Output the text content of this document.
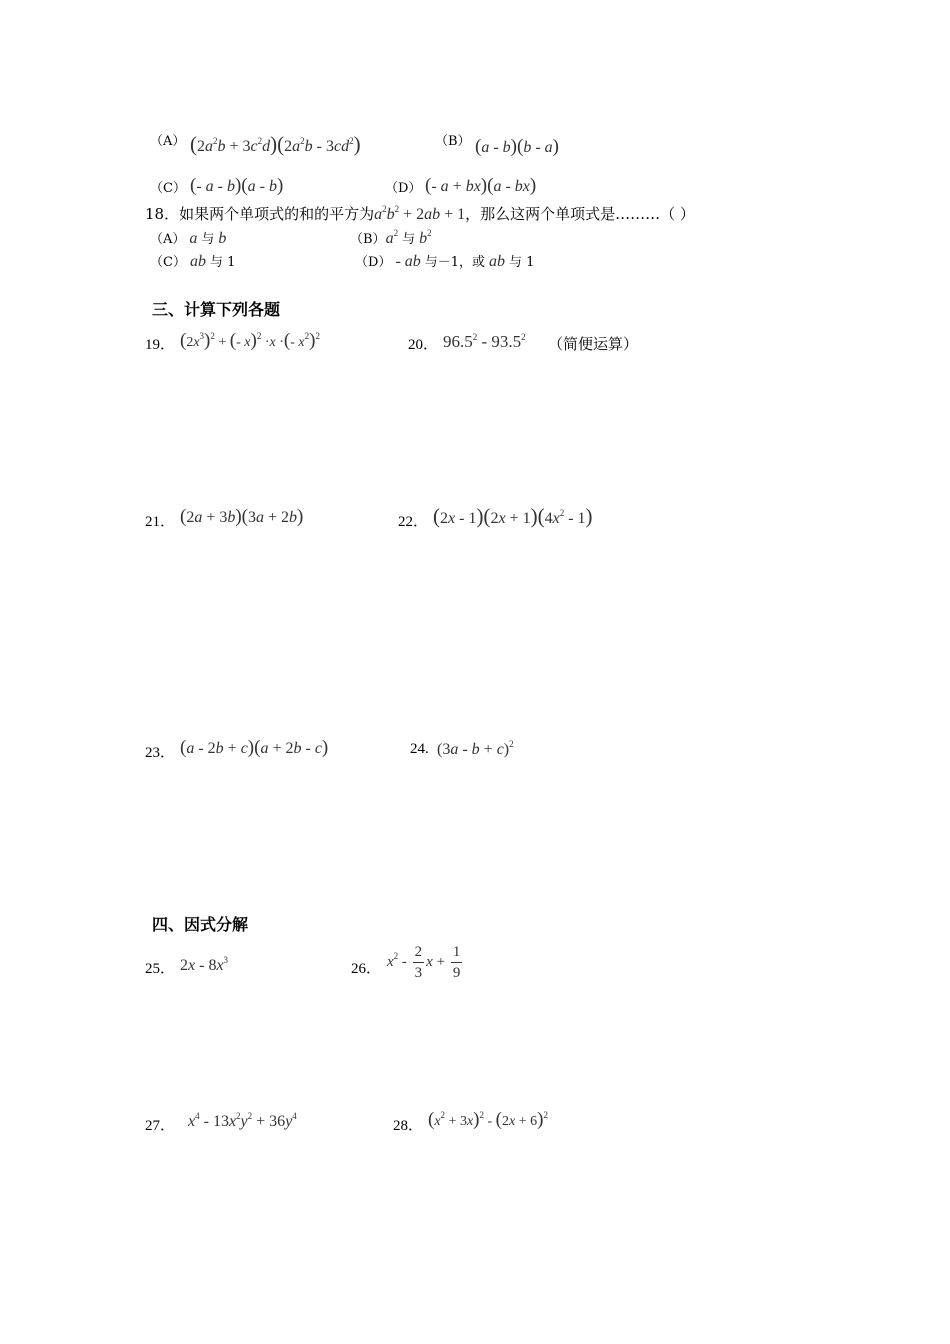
（A） $(2a^2b + 3c^2d)(2a^2b - 3cd^2)$	（B） (a - b)(b - a)
（C） (- a - b)(a - b)	（D） (- a + bx)(a - bx)
18．如果两个单项式的和的平方为$a^2b^2 + 2ab + 1$，那么这两个单项式是………（ ）
（A） a 与 b	$(B)a^2$ 与 $b^2$
（C） ab 与 1	（D） - ab 与－1，或 ab 与 1
三、计算下列各题
19． $(2x^3)^2$ + (- x)$^2$ ·x ·(- $x^2)^2$
20． 96.5$^2$ - 93.5$^2$ （简便运算）
21． (2a + 3b)(3a + 2b)	22． $(2x - 1)(2x + 1)(4x^2 - 1)$
23． (a - 2b + c)(a + 2b - c)	24. $(3a - b + c)^2$
四、因式分解
25． $2x - 8x^3$
26． $x^2 - \frac{2}{3}$ $x + \frac{1}{9}$
27． $x^4 - 13x^2y^2 + 36y^4$
28． $(x^2 + 3x)^2 - (2x + 6)^2$
